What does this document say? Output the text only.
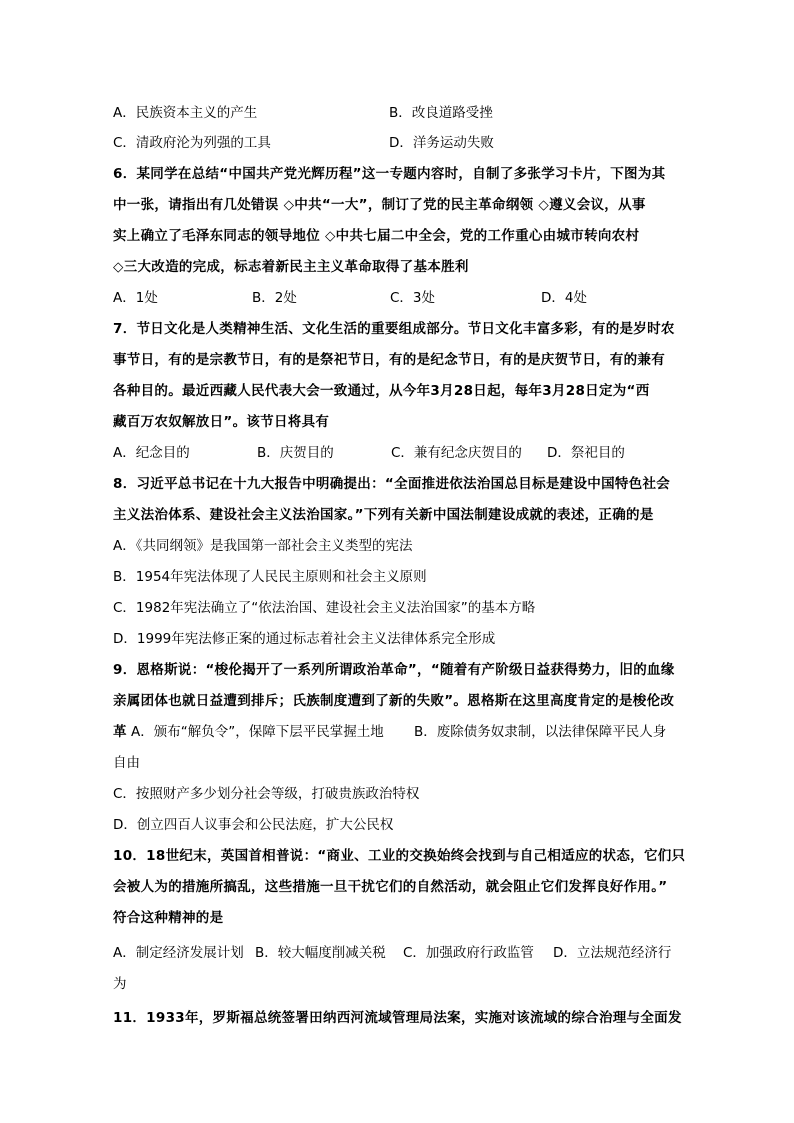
A．民族资本主义的产生	B．改良道路受挫
C．清政府沦为列强的工具	D．洋务运动失败
6．某同学在总结“中国共产党光辉历程”这一专题内容时，自制了多张学习卡片，下图为其
中一张，请指出有几处错误 ◇中共“一大”，制订了党的民主革命纲领 ◇遵义会议，从事
实上确立了毛泽东同志的领导地位 ◇中共七届二中全会，党的工作重心由城市转向农村
◇三大改造的完成，标志着新民主主义革命取得了基本胜利
A．1处	B．2处	C．3处	D．4处
7．节日文化是人类精神生活、文化生活的重要组成部分。节日文化丰富多彩，有的是岁时农
事节日，有的是宗教节日，有的是祭祀节日，有的是纪念节日，有的是庆贺节日，有的兼有
各种目的。最近西藏人民代表大会一致通过，从今年3月28日起，每年3月28日定为“西
藏百万农奴解放日”。该节日将具有
A．纪念目的	B．庆贺目的	C．兼有纪念庆贺目的 D．祭祀目的
8．习近平总书记在十九大报告中明确提出：“全面推进依法治国总目标是建设中国特色社会
主义法治体系、建设社会主义法治国家。”下列有关新中国法制建设成就的表述，正确的是
A．《共同纲领》是我国第一部社会主义类型的宪法
B．1954年宪法体现了人民民主原则和社会主义原则
C．1982年宪法确立了“依法治国、建设社会主义法治国家”的基本方略
D．1999年宪法修正案的通过标志着社会主义法律体系完全形成
9．恩格斯说：“梭伦揭开了一系列所谓政治革命”，“随着有产阶级日益获得势力，旧的血缘
亲属团体也就日益遭到排斥；氏族制度遭到了新的失败”。恩格斯在这里高度肯定的是梭伦改
革 A．颁布“解负令”，保障下层平民掌握土地 B．废除债务奴隶制，以法律保障平民人身
自由
C．按照财产多少划分社会等级，打破贵族政治特权
D．创立四百人议事会和公民法庭，扩大公民权
10．18世纪末，英国首相普说：“商业、工业的交换始终会找到与自己相适应的状态，它们只
会被人为的措施所搞乱，这些措施一旦干扰它们的自然活动，就会阻止它们发挥良好作用。”
符合这种精神的是
A．制定经济发展计划 B．较大幅度削减关税 C．加强政府行政监管 D．立法规范经济行
为
11．1933年，罗斯福总统签署田纳西河流域管理局法案，实施对该流域的综合治理与全面发
